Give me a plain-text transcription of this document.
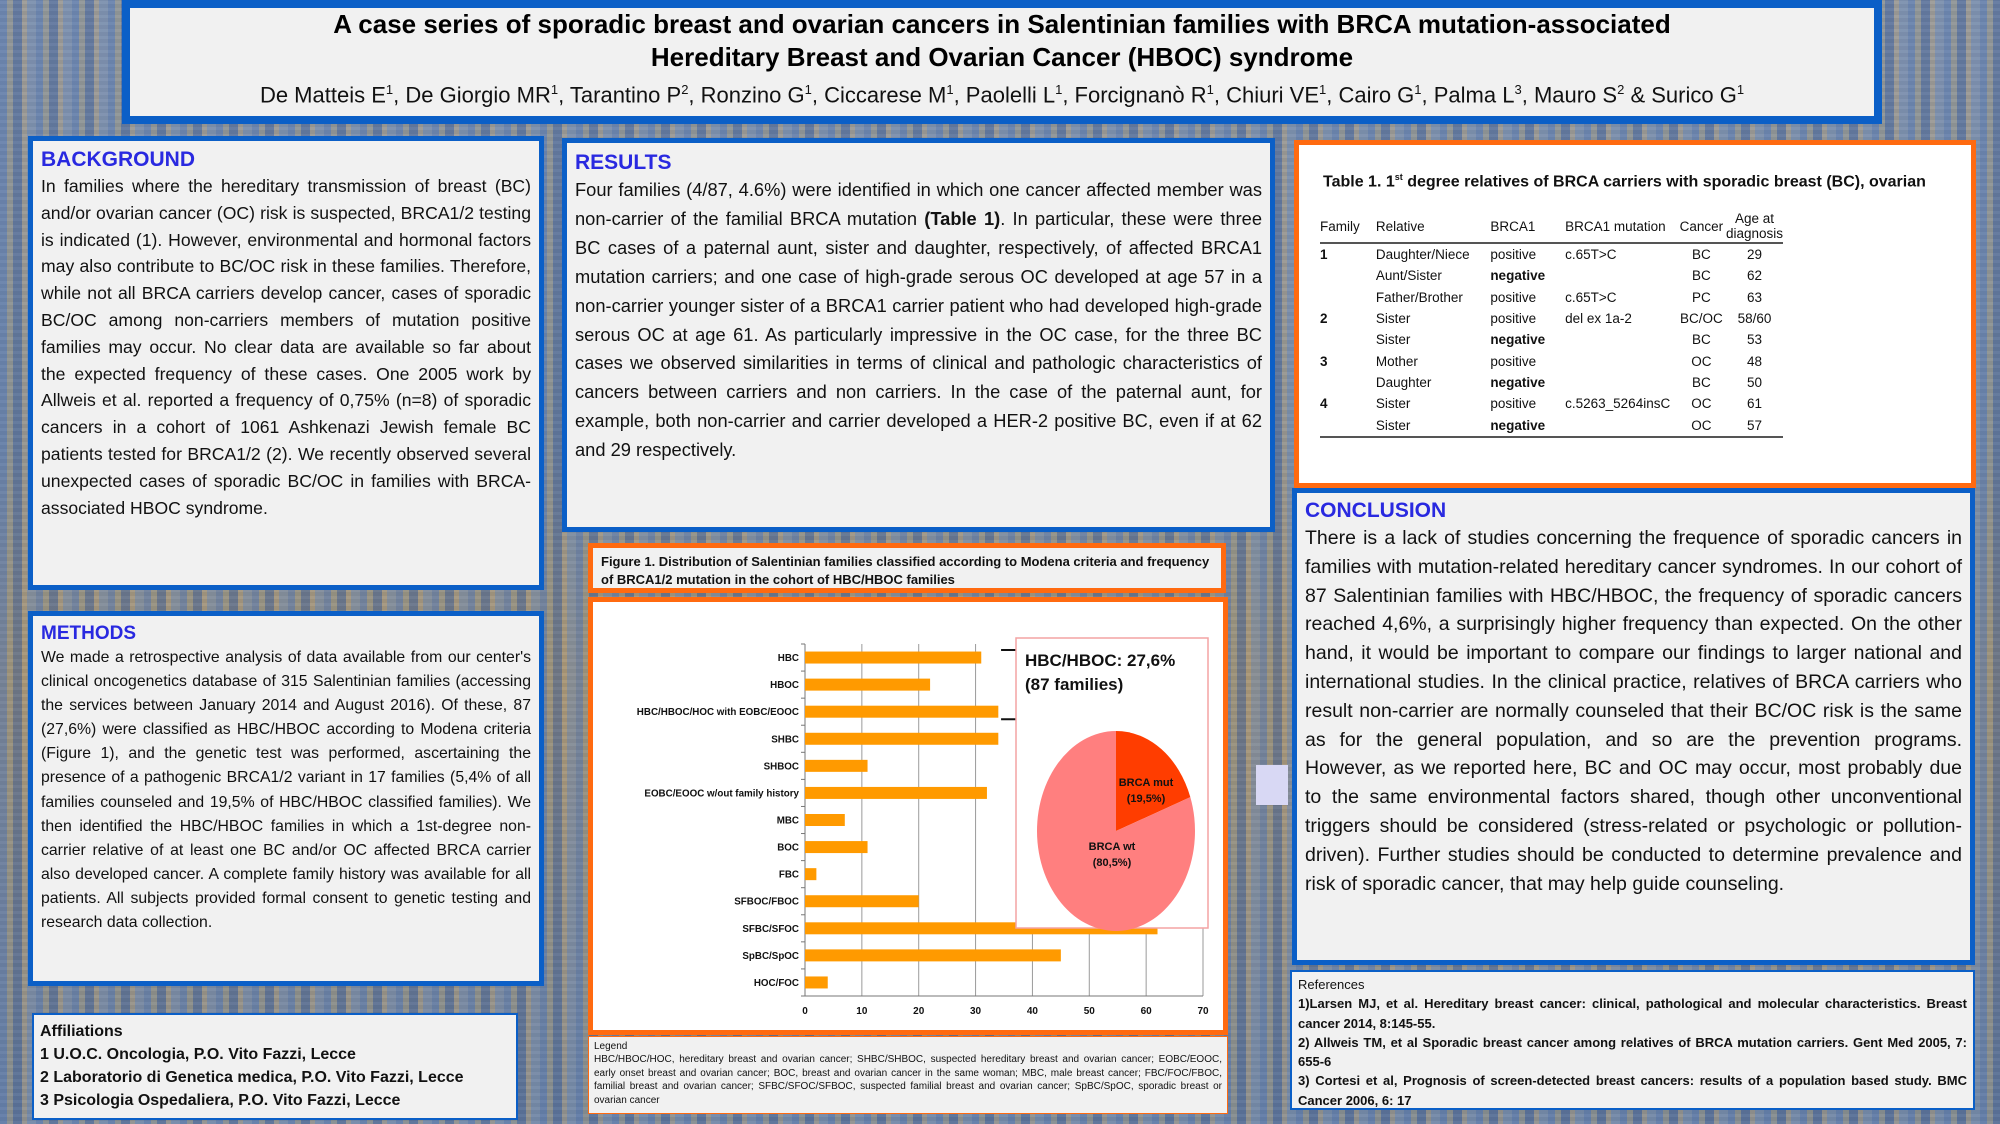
A case series of sporadic breast and ovarian cancers in Salentinian families with BRCA mutation-associated
Hereditary Breast and Ovarian Cancer (HBOC) syndrome
De Matteis $E^1$, De Giorgio $MR^1$, Tarantino $P^2$, Ronzino $G^1$, Ciccarese $M^1$, Paolelli $L^1$, Forcignanò $R^1$, Chiuri $VE^1$, Cairo $G^1$, Palma $L^3$, Mauro $S^2$ & Surico $G^1$
BACKGROUND
In families where the hereditary transmission of breast (BC) and/or ovarian cancer (OC) risk is suspected, BRCA1/2 testing is indicated (1). However, environmental and hormonal factors may also contribute to BC/OC risk in these families. Therefore, while not all BRCA carriers develop cancer, cases of sporadic BC/OC among non-carriers members of mutation positive families may occur. No clear data are available so far about the expected frequency of these cases. One 2005 work by Allweis et al. reported a frequency of 0,75% (n=8) of sporadic cancers in a cohort of 1061 Ashkenazi Jewish female BC patients tested for BRCA1/2 (2). We recently observed several unexpected cases of sporadic BC/OC in families with BRCA-associated HBOC syndrome.
METHODS
We made a retrospective analysis of data available from our center's clinical oncogenetics database of 315 Salentinian families (accessing the services between January 2014 and August 2016). Of these, 87 (27,6%) were classified as HBC/HBOC according to Modena criteria (Figure 1), and the genetic test was performed, ascertaining the presence of a pathogenic BRCA1/2 variant in 17 families (5,4% of all families counseled and 19,5% of HBC/HBOC classified families). We then identified the HBC/HBOC families in which a 1st-degree non-carrier relative of at least one BC and/or OC affected BRCA carrier also developed cancer. A complete family history was available for all patients. All subjects provided formal consent to genetic testing and research data collection.
Affiliations
1 U.O.C. Oncologia, P.O. Vito Fazzi, Lecce
2 Laboratorio di Genetica medica, P.O. Vito Fazzi, Lecce
3 Psicologia Ospedaliera, P.O. Vito Fazzi, Lecce
RESULTS
Four families (4/87, 4.6%) were identified in which one cancer affected member was non-carrier of the familial BRCA mutation (Table 1). In particular, these were three BC cases of a paternal aunt, sister and daughter, respectively, of affected BRCA1 mutation carriers; and one case of high-grade serous OC developed at age 57 in a non-carrier younger sister of a BRCA1 carrier patient who had developed high-grade serous OC at age 61. As particularly impressive in the OC case, for the three BC cases we observed similarities in terms of clinical and pathologic characteristics of cancers between carriers and non carriers. In the case of the paternal aunt, for example, both non-carrier and carrier developed a HER-2 positive BC, even if at 62 and 29 respectively.
Figure 1. Distribution of Salentinian families classified according to Modena criteria and frequency of BRCA1/2 mutation in the cohort of HBC/HBOC families
0	10	20	30	40	50	60	70
HBC
HBOC
HBC/HBOC/HOC with EOBC/EOOC
SHBC
SHBOC
EOBC/EOOC w/out family history
MBC
BOC
FBC
SFBOC/FBOC
SFBC/SFOC
SpBC/SpOC
HOC/FOC
HBC/HBOC: 27,6%
(87 families)
BRCA mut
(19,5%)
BRCA wt
(80,5%)
Legend
HBC/HBOC/HOC, hereditary breast and ovarian cancer; SHBC/SHBOC, suspected hereditary breast and ovarian cancer; EOBC/EOOC, early onset breast and ovarian cancer; BOC, breast and ovarian cancer in the same woman; MBC, male breast cancer; FBC/FOC/FBOC, familial breast and ovarian cancer; SFBC/SFOC/SFBOC, suspected familial breast and ovarian cancer; SpBC/SpOC, sporadic breast or ovarian cancer
Table 1. 1st degree relatives of BRCA carriers with sporadic breast (BC), ovarian
Family	Relative	BRCA1	BRCA1 mutation	Cancer	Age at diagnosis
1	Daughter/Niece	positive	c.65T>C	BC	29
	Aunt/Sister	negative		BC	62
	Father/Brother	positive	c.65T>C	PC	63
2	Sister	positive	del ex 1a-2	BC/OC	58/60
	Sister	negative		BC	53
3	Mother	positive		OC	48
	Daughter	negative		BC	50
4	Sister	positive	c.5263_5264insC	OC	61
	Sister	negative		OC	57
CONCLUSION
There is a lack of studies concerning the frequence of sporadic cancers in families with mutation-related hereditary cancer syndromes. In our cohort of 87 Salentinian families with HBC/HBOC, the frequency of sporadic cancers reached 4,6%, a surprisingly higher frequency than expected. On the other hand, it would be important to compare our findings to larger national and international studies. In the clinical practice, relatives of BRCA carriers who result non-carrier are normally counseled that their BC/OC risk is the same as for the general population, and so are the prevention programs. However, as we reported here, BC and OC may occur, most probably due to the same environmental factors shared, though other unconventional triggers should be considered (stress-related or psychologic or pollution-driven). Further studies should be conducted to determine prevalence and risk of sporadic cancer, that may help guide counseling.
References
1)Larsen MJ, et al. Hereditary breast cancer: clinical, pathological and molecular characteristics. Breast cancer 2014, 8:145-55.
2) Allweis TM, et al Sporadic breast cancer among relatives of BRCA mutation carriers. Gent Med 2005, 7: 655-6
3) Cortesi et al, Prognosis of screen-detected breast cancers: results of a population based study. BMC Cancer 2006, 6: 17
